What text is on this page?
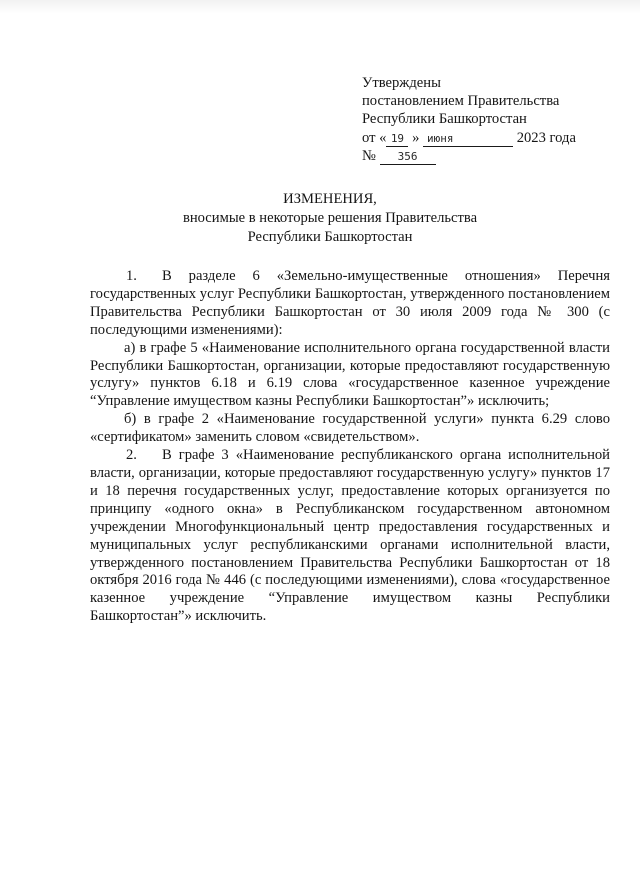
Утверждены
постановлением Правительства
Республики Башкортостан
от « 19 » июня	2023 года
№ 356
ИЗМЕНЕНИЯ,
вносимые в некоторые решения Правительства
Республики Башкортостан

1. В разделе 6 «Земельно-имущественные отношения» Перечня государственных услуг Республики Башкортостан, утвержденного постановлением Правительства Республики Башкортостан от 30 июля 2009 года № 300 (с последующими изменениями):

а) в графе 5 «Наименование исполнительного органа государственной власти Республики Башкортостан, организации, которые предоставляют государственную услугу» пунктов 6.18 и 6.19 слова «государственное казенное учреждение “Управление имуществом казны Республики Башкортостан”» исключить;

б) в графе 2 «Наименование государственной услуги» пункта 6.29 слово «сертификатом» заменить словом «свидетельством».

2. В графе 3 «Наименование республиканского органа исполнительной власти, организации, которые предоставляют государственную услугу» пунктов 17 и 18 перечня государственных услуг, предоставление которых организуется по принципу «одного окна» в Республиканском государственном автономном учреждении Многофункциональный центр предоставления государственных и муниципальных услуг республиканскими органами исполнительной власти, утвержденного постановлением Правительства Республики Башкортостан от 18 октября 2016 года № 446 (с последующими изменениями), слова «государственное казенное учреждение “Управление имуществом казны Республики Башкортостан”» исключить.
